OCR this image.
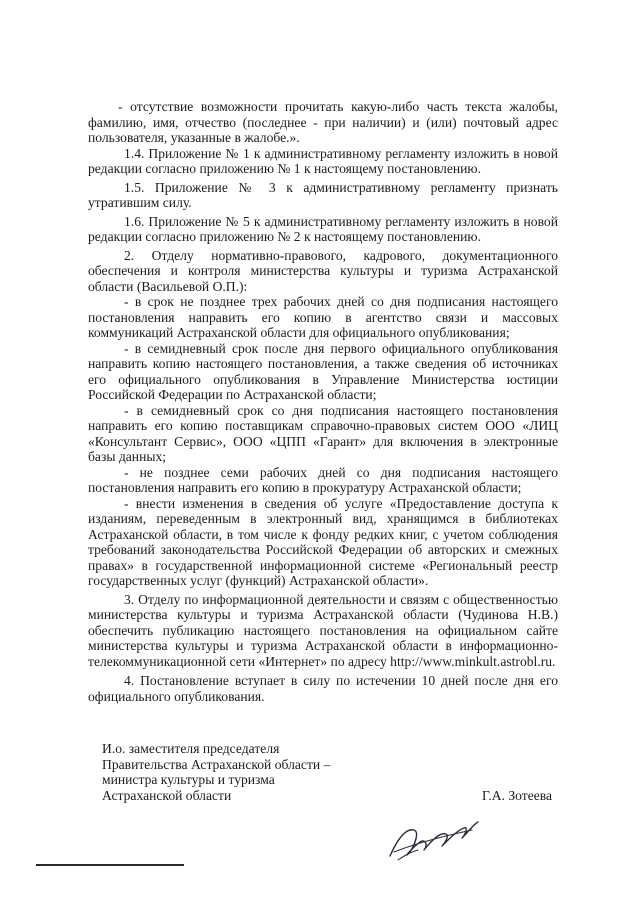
- отсутствие возможности прочитать какую-либо часть текста жалобы, фамилию, имя, отчество (последнее - при наличии) и (или) почтовый адрес пользователя, указанные в жалобе.».

1.4. Приложение № 1 к административному регламенту изложить в новой редакции согласно приложению № 1 к настоящему постановлению.

1.5. Приложение № 3 к административному регламенту признать утратившим силу.

1.6. Приложение № 5 к административному регламенту изложить в новой редакции согласно приложению № 2 к настоящему постановлению.

2. Отделу нормативно-правового, кадрового, документационного обеспечения и контроля министерства культуры и туризма Астраханской области (Васильевой О.П.):

- в срок не позднее трех рабочих дней со дня подписания настоящего постановления направить его копию в агентство связи и массовых коммуникаций Астраханской области для официального опубликования;

- в семидневный срок после дня первого официального опубликования направить копию настоящего постановления, а также сведения об источниках его официального опубликования в Управление Министерства юстиции Российской Федерации по Астраханской области;

- в семидневный срок со дня подписания настоящего постановления направить его копию поставщикам справочно-правовых систем ООО «ЛИЦ «Консультант Сервис», ООО «ЦПП «Гарант» для включения в электронные базы данных;

- не позднее семи рабочих дней со дня подписания настоящего постановления направить его копию в прокуратуру Астраханской области;

- внести изменения в сведения об услуге «Предоставление доступа к изданиям, переведенным в электронный вид, хранящимся в библиотеках Астраханской области, в том числе к фонду редких книг, с учетом соблюдения требований законодательства Российской Федерации об авторских и смежных правах» в государственной информационной системе «Региональный реестр государственных услуг (функций) Астраханской области».

3. Отделу по информационной деятельности и связям с общественностью министерства культуры и туризма Астраханской области (Чудинова Н.В.) обеспечить публикацию настоящего постановления на официальном сайте министерства культуры и туризма Астраханской области в информационно-телекоммуникационной сети «Интернет» по адресу http://www.minkult.astrobl.ru.

4. Постановление вступает в силу по истечении 10 дней после дня его официального опубликования.

И.о. заместителя председателя

Правительства Астраханской области –

министра культуры и туризма

Астраханской области	Г.А. Зотеева
